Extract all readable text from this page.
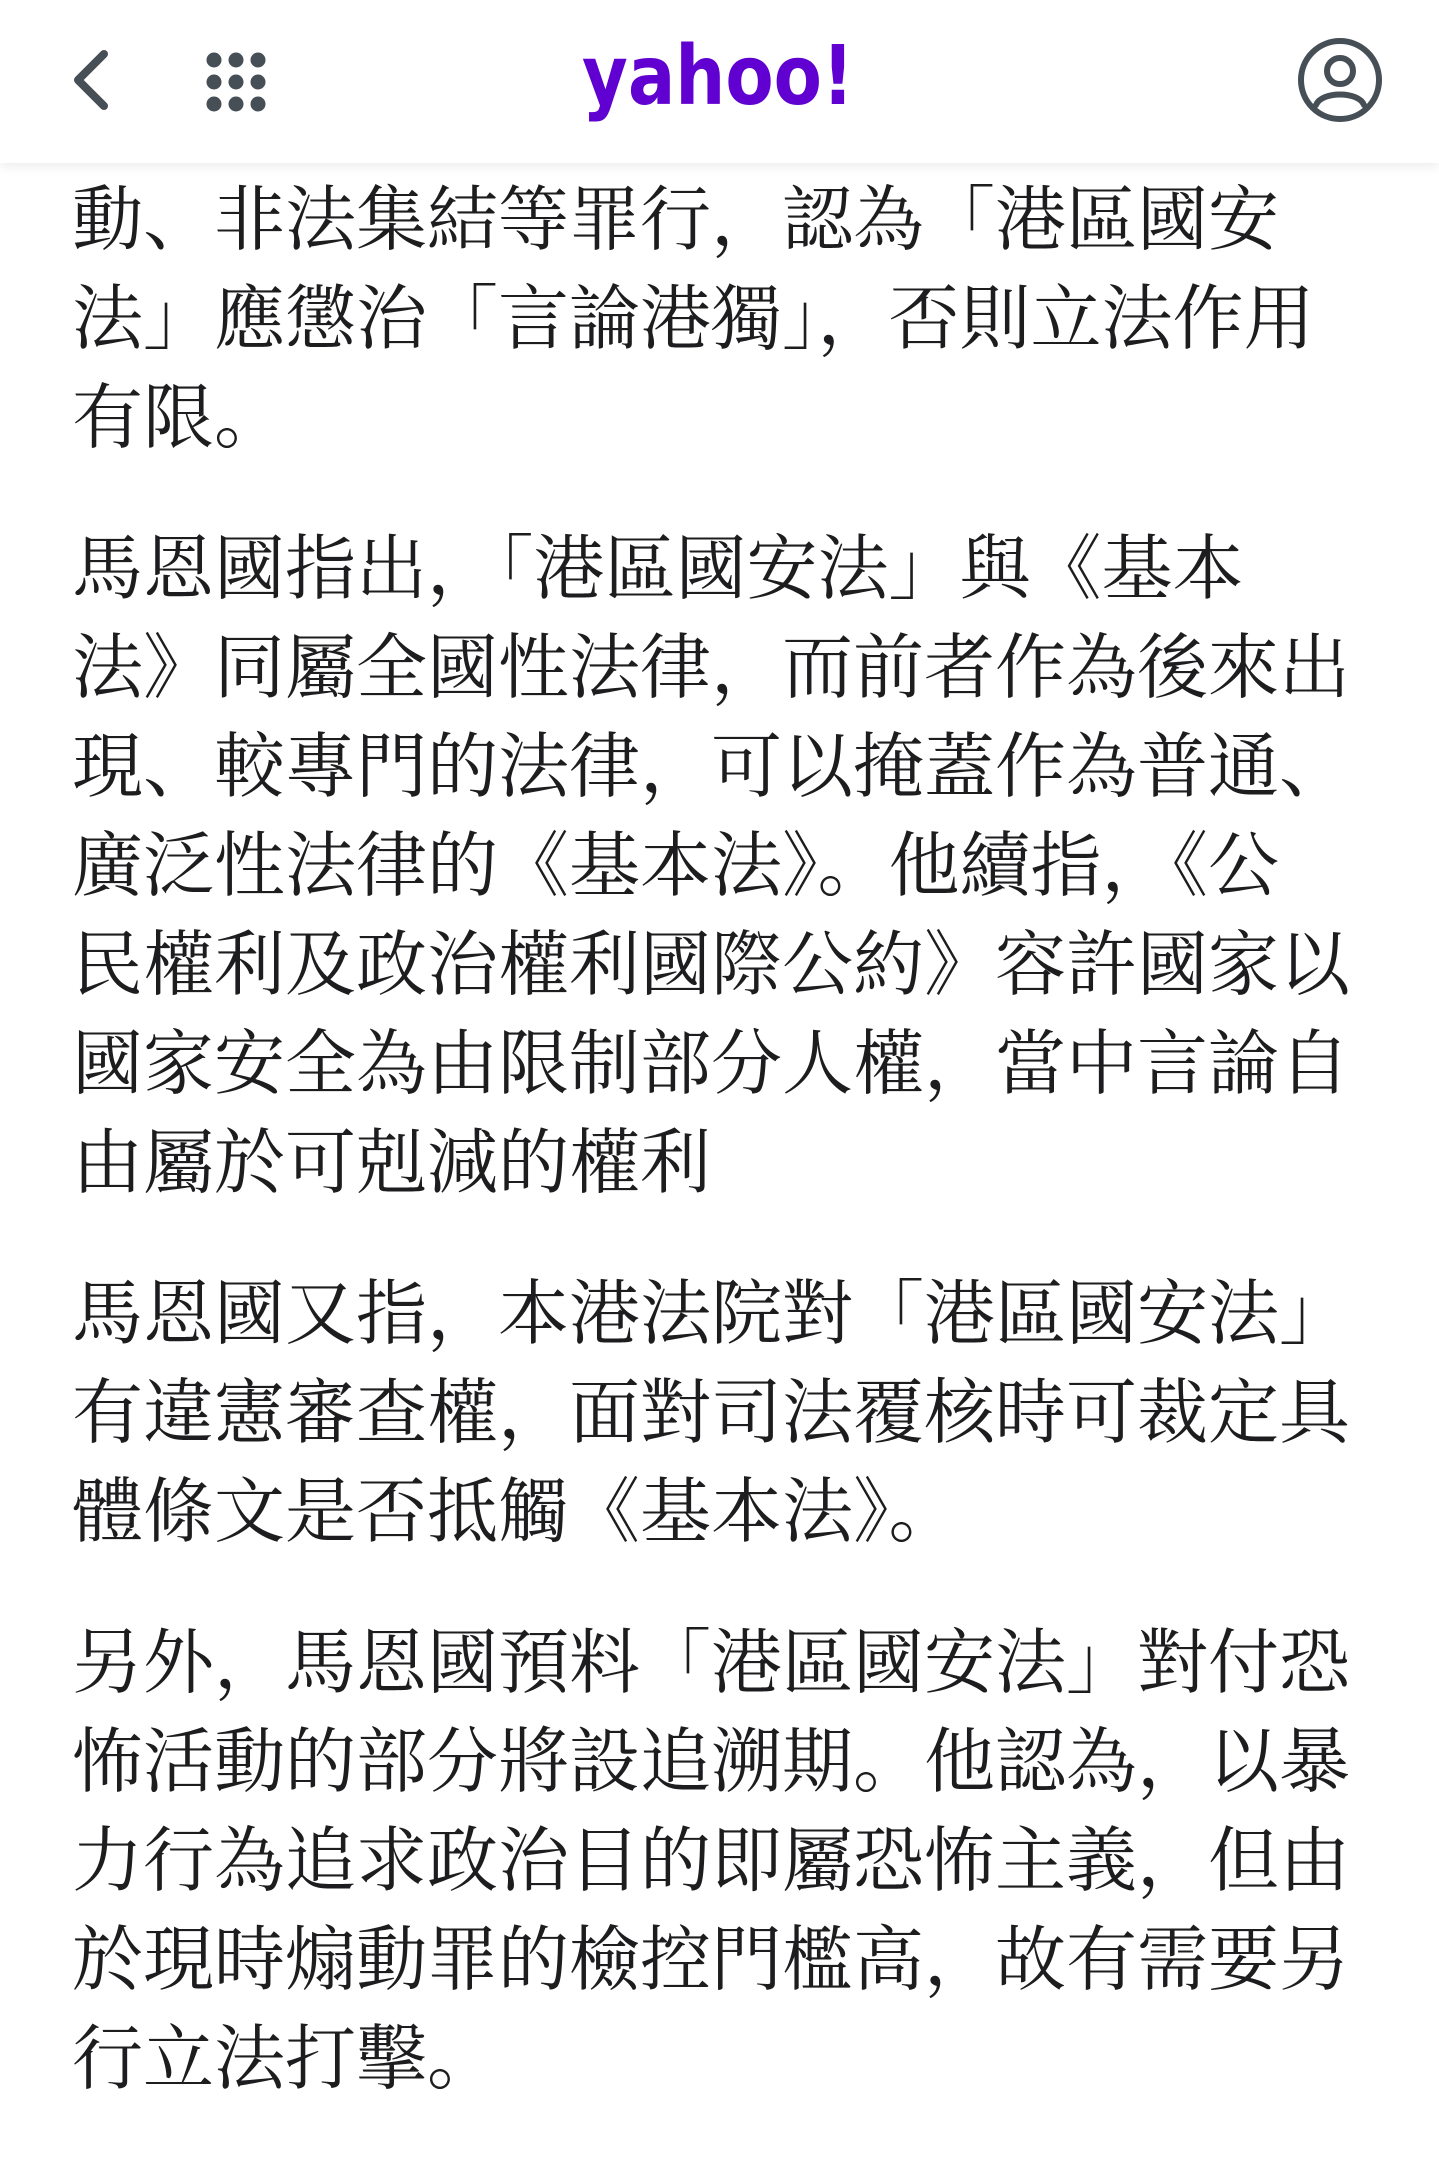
yahoo!

動、非法集結等罪行，認為「港區國安
法」應懲治「言論港獨」，否則立法作用
有限。

馬恩國指出，「港區國安法」與《基本
法》同屬全國性法律，而前者作為後來出
現、較專門的法律，可以掩蓋作為普通、
廣泛性法律的《基本法》。他續指，《公
民權利及政治權利國際公約》容許國家以
國家安全為由限制部分人權，當中言論自
由屬於可剋減的權利

馬恩國又指，本港法院對「港區國安法」
有違憲審查權，面對司法覆核時可裁定具
體條文是否抵觸《基本法》。

另外，馬恩國預料「港區國安法」對付恐
怖活動的部分將設追溯期。他認為，以暴
力行為追求政治目的即屬恐怖主義，但由
於現時煽動罪的檢控門檻高，故有需要另
行立法打擊。
